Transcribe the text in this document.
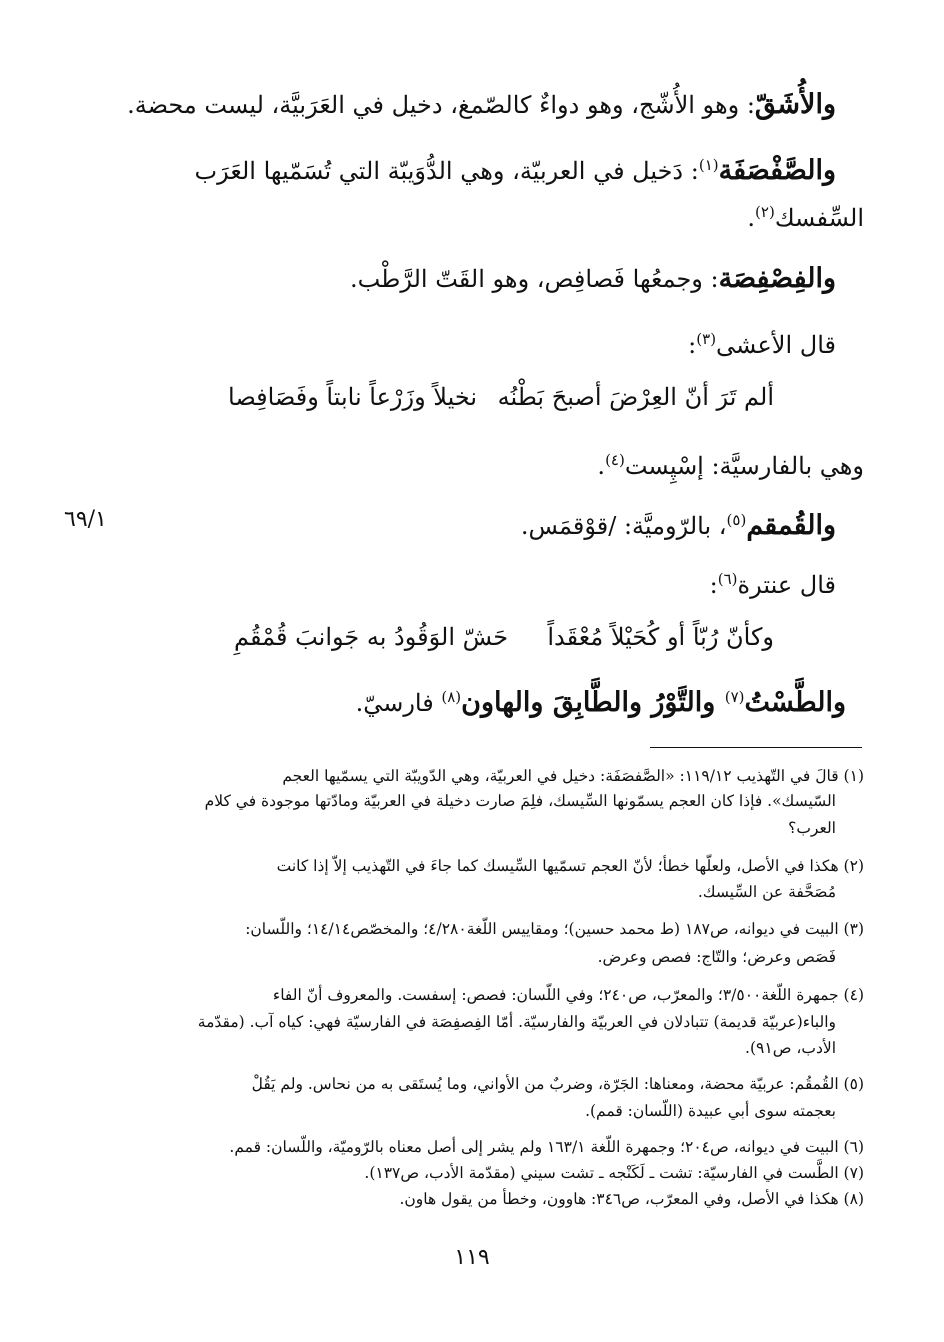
والأُشَقّ: وهو الأُشّج، وهو دواءٌ كالصّمغ، دخيل في العَرَبيَّة، ليست محضة.
والصَّفْصَفَة$^{(١)}$: دَخيل في العربيّة، وهي الدُّوَيبّة التي تُسَمّيها العَرَب
السِّفسك$^{(٢)}$.
والفِصْفِصَة: وجمعُها فَصافِص، وهو القَتّ الرَّطْب.
قال الأعشى$^{(٣)}$:
ألم تَرَ أنّ العِرْضَ أصبحَ بَطْنُه
نخيلاً وزَرْعاً نابتاً وفَصَافِصا
وهي بالفارسيَّة: إسْپِست$^{(٤)}$.
والقُمقم$^{(٥)}$، بالرّوميَّة: /قوْقمَس.
٦٩/١
قال عنترة$^{(٦)}$:
وكأنّ رُبّاً أو كُحَيْلاً مُعْقَداً
حَشّ الوَقُودُ به جَوانبَ قُمْقُمِ
والطَّسْتُ$^{(٧)}$ والتَّوْرُ والطَّابِقَ والهاون$^{(٨)}$ فارسيّ.
(١) قالَ في التّهذيب ١١٩/١٢: «الصَّفصَفَة: دخيل في العربيّة، وهي الدّويبّة التي يسمّيها العجم
السّيسك». فإذا كان العجم يسمّونها السِّيسك، فلِمَ صارت دخيلة في العربيّة ومادّتها موجودة في كلام
العرب؟
(٢) هكذا في الأصل، ولعلّها خطأ؛ لأنّ العجم تسمّيها السِّيسك كما جاءَ في التّهذيب إلاّ إذا كانت
مُصَحَّفة عن السِّيسك.
(٣) البيت في ديوانه، ص١٨٧ (ط محمد حسين)؛ ومقاييس اللّغة٤/٢٨٠؛ والمخصّص١٤/١٤؛ واللّسان:
فَصَص وعرض؛ والتّاج: فصص وعرض.
(٤) جمهرة اللّغة٣/٥٠٠؛ والمعرّب، ص٢٤٠؛ وفي اللّسان: فصص: إسفست. والمعروف أنّ الفاء
والباء(عربيّة قديمة) تتبادلان في العربيّة والفارسيّة. أمّا الفِصفِصَة في الفارسيّة فهي: كياه آب. (مقدّمة
الأدب، ص٩١).
(٥) القُمقُم: عربيّة محضة، ومعناها: الجَرّة، وضربٌ من الأواني، وما يُستَقى به من نحاس. ولم يَقُلْ
بعجمته سوى أبي عبيدة (اللّسان: قمم).
(٦) البيت في ديوانه، ص٢٠٤؛ وجمهرة اللّغة ١٦٣/١ ولم يشر إلى أصل معناه بالرّوميّة، واللّسان: قمم.
(٧) الطَّست في الفارسيّة: تشت ـ لَكَنْجه ـ تشت سيني (مقدّمة الأدب، ص١٣٧).
(٨) هكذا في الأصل، وفي المعرّب، ص٣٤٦: هاوون، وخطأ من يقول هاون.
١١٩
